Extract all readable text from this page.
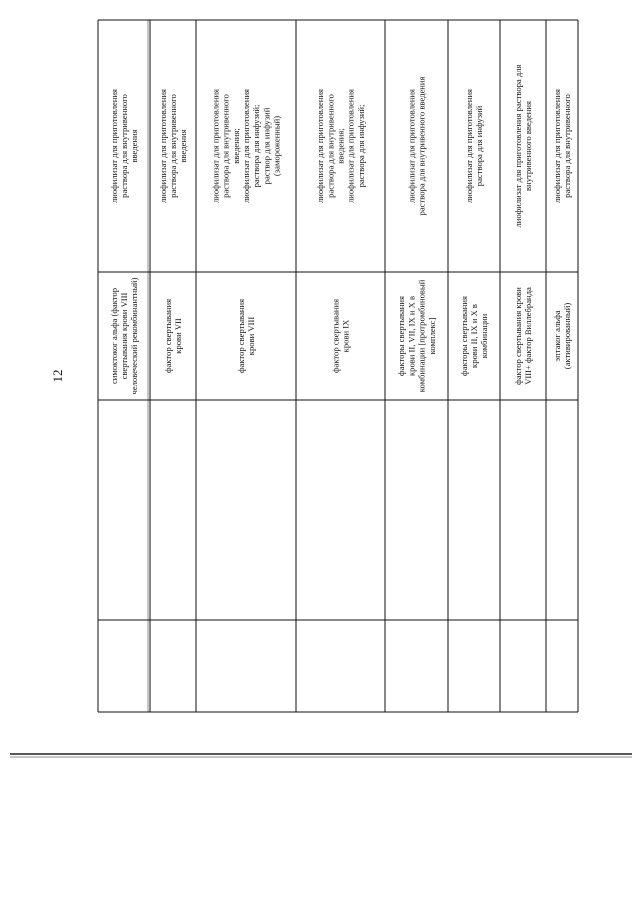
12
лиофилизат для приготовленияраствора для внутривенноговведения
симоктоког альфа (факторсвертывания крови VIIIчеловеческий рекомбинантный)
лиофилизат для приготовленияраствора для внутривенноговведения
фактор свертываниякрови VII
лиофилизат для приготовленияраствора для внутривенноговведения;лиофилизат для приготовленияраствора для инфузий;раствор для инфузий(замороженный)
фактор свертываниякрови VIII
лиофилизат для приготовленияраствора для внутривенноговведения;лиофилизат для приготовленияраствора для инфузий;
фактор свертываниякрови IX
лиофилизат для приготовленияраствора для внутривенного введения
факторы свертываниякрови II, VII, IX и X вкомбинации [протромбиновыйкомплекс]
лиофилизат для приготовленияраствора для инфузий
факторы свертываниякрови II, IX и X вкомбинации
лиофилизат для приготовления раствора длявнутривенного введения
фактор свертывания кровиVIII+ фактор Виллебранда
лиофилизат для приготовленияраствора для внутривенного
эптаког альфа(активированный)
